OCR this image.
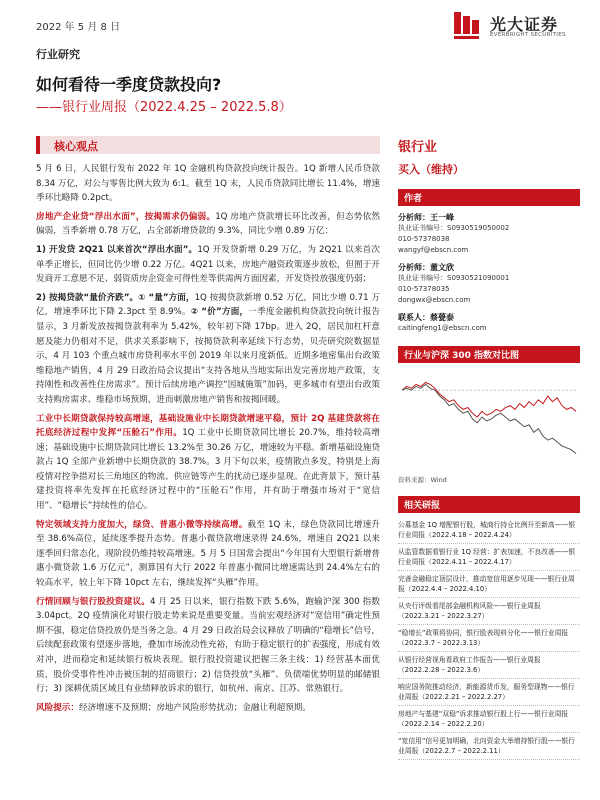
2022 年 5 月 8 日	光大证券
EVERBRIGHT SECURITIES
行业研究
如何看待一季度贷款投向?
——银行业周报（2022.4.25 – 2022.5.8）
核心观点

5 月 6 日，人民银行发布 2022 年 1Q 金融机构贷款投向统计报告。1Q 新增人民币贷款 8.34 万亿，对公与零售比例大致为 6:1。截至 1Q 末，人民币贷款同比增长 11.4%，增速季环比略降 0.2pct。

房地产企业贷“浮出水面”，按揭需求仍偏弱。1Q 房地产贷款增长环比改善，但态势依然偏弱，当季新增 0.78 万亿，占全部新增贷款的 9.3%，同比少增 0.89 万亿：

1) 开发贷 2Q21 以来首次“浮出水面”。1Q 开发贷新增 0.29 万亿，为 2Q21 以来首次单季正增长，但同比仍少增 0.22 万亿。4Q21 以来，房地产融资政策逐步放松，但囿于开发商开工意愿不足、弱资质房企资金可得性差等供需两方面因素，开发贷投放强度仍弱；

2) 按揭贷款“量价齐跌”。① “量”方面，1Q 按揭贷款新增 0.52 万亿，同比少增 0.71 万亿，增速季环比下降 2.3pct 至 8.9%。② “价”方面，一季度金融机构贷款投向统计报告显示，3 月新发放按揭贷款利率为 5.42%，较年初下降 17bp。进入 2Q，居民加杠杆意愿及能力仍相对不足，供求关系影响下，按揭贷款利率延续下行态势，贝壳研究院数据显示，4 月 103 个重点城市房贷利率水平创 2019 年以来月度新低。近期多地密集出台政策维稳地产销售，4 月 29 日政治局会议提出“支持各地从当地实际出发完善房地产政策，支持刚性和改善性住房需求”。预计后续房地产调控“因城施策”加码，更多城市有望出台政策支持购房需求、维稳市场预期，进而刺激房地产销售和按揭回暖。

工业中长期贷款保持较高增速，基础设施业中长期贷款增速平稳，预计 2Q 基建贷款将在托底经济过程中发挥“压舱石”作用。1Q 工业中长期贷款同比增长 20.7%，维持较高增速；基础设施中长期贷款同比增长 13.2%至 30.26 万亿，增速较为平稳。新增基础设施贷款占 1Q 全部产业新增中长期贷款的 38.7%。3 月下旬以来，疫情散点多发，特别是上海疫情对控争措对长三角地区的物流、供应链等产生的扰动已逐步显现。在此背景下，预计基建投资将率先发挥在托底经济过程中的“压舱石”作用，并有助于增强市场对于“宽信用”、“稳增长”持续性的信心。

特定领域支持力度加大，绿贷、普惠小微等持续高增。截至 1Q 末，绿色贷款同比增速升至 38.6%高位，延续逐季提升态势。普惠小微贷款增速录得 24.6%，增速自 2Q21 以来逐季回归常态化，现阶段仍维持较高增速。5 月 5 日国常会提出“今年国有大型银行新增普惠小微贷款 1.6 万亿元”，测算国有大行 2022 年普惠小微同比增速需达到 24.4%左右的较高水平，较上年下降 10pct 左右，继续发挥“头雁”作用。

行情回顾与银行股投资建议。4 月 25 日以来，银行指数下跌 5.6%，跑输沪深 300 指数 3.04pct。2Q 疫情演化对银行股走势来说是重要变量。当前宏观经济对“宽信用”确定性预期不强，稳定信贷投放仍是当务之急。4 月 29 日政治局会议释放了明确的“稳增长”信号，后续配套政策有望逐步落地，叠加市场流动性充裕，有助于稳定银行的扩表强度，形成有效对冲，进而稳定和延续银行板块表现。银行股投资建议把握三条主线：1) 经营基本面优质，股价受事件性冲击被压制的招商银行；2) 信贷投放“头雁”、负债端优势明显的邮储银行；3) 深耕优质区域且有业绩释放诉求的银行，如杭州、南京、江苏、常熟银行。

风险提示：经济增速不及预期；房地产风险形势扰动；金融让利超预期。

银行业
买入（维持）
作者
分析师：王一峰
执业证书编号：S0930519050002
010-57378038
wangyf@ebscn.com
分析师：董文欣
执业证书编号：S0930521090001
010-57378035
dongwx@ebscn.com
联系人：蔡甍泰
caitingfeng1@ebscn.com
行业与沪深 300 指数对比图
资料来源：Wind
相关研报
公募基金 1Q 增配银行股，城商行持仓比例升至新高——银行业周报（2022.4.18 – 2022.4.24）
从监管数据看银行业 1Q 经营：扩表加速，不良改善——银行业周报（2022.4.11 – 2022.4.17）
完善金融稳定顶层设计，推动宽信用逐步见现——银行业周报（2022.4.4 – 2022.4.10）
从央行评级看尾部金融机构风险——银行业周报（2022.3.21 – 2022.3.27）
“稳增长”政策将协同，银行股表现料分化——银行业周报（2022.3.7 – 2022.3.13）
从银行经营视角看政府工作报告——银行业周报（2022.2.28 – 2022.3.6）
响应国务院推动经济，新能源货币发，服务型现物——银行业周报（2022.2.21 – 2022.2.27）
房地产与基建“双稳”诉求推动银行股上行——银行业周报（2022.2.14 – 2022.2.20）
“宽信用”信号更加明确，北向资金大举增持银行股——银行业周报（2022.2.7 – 2022.2.11）
